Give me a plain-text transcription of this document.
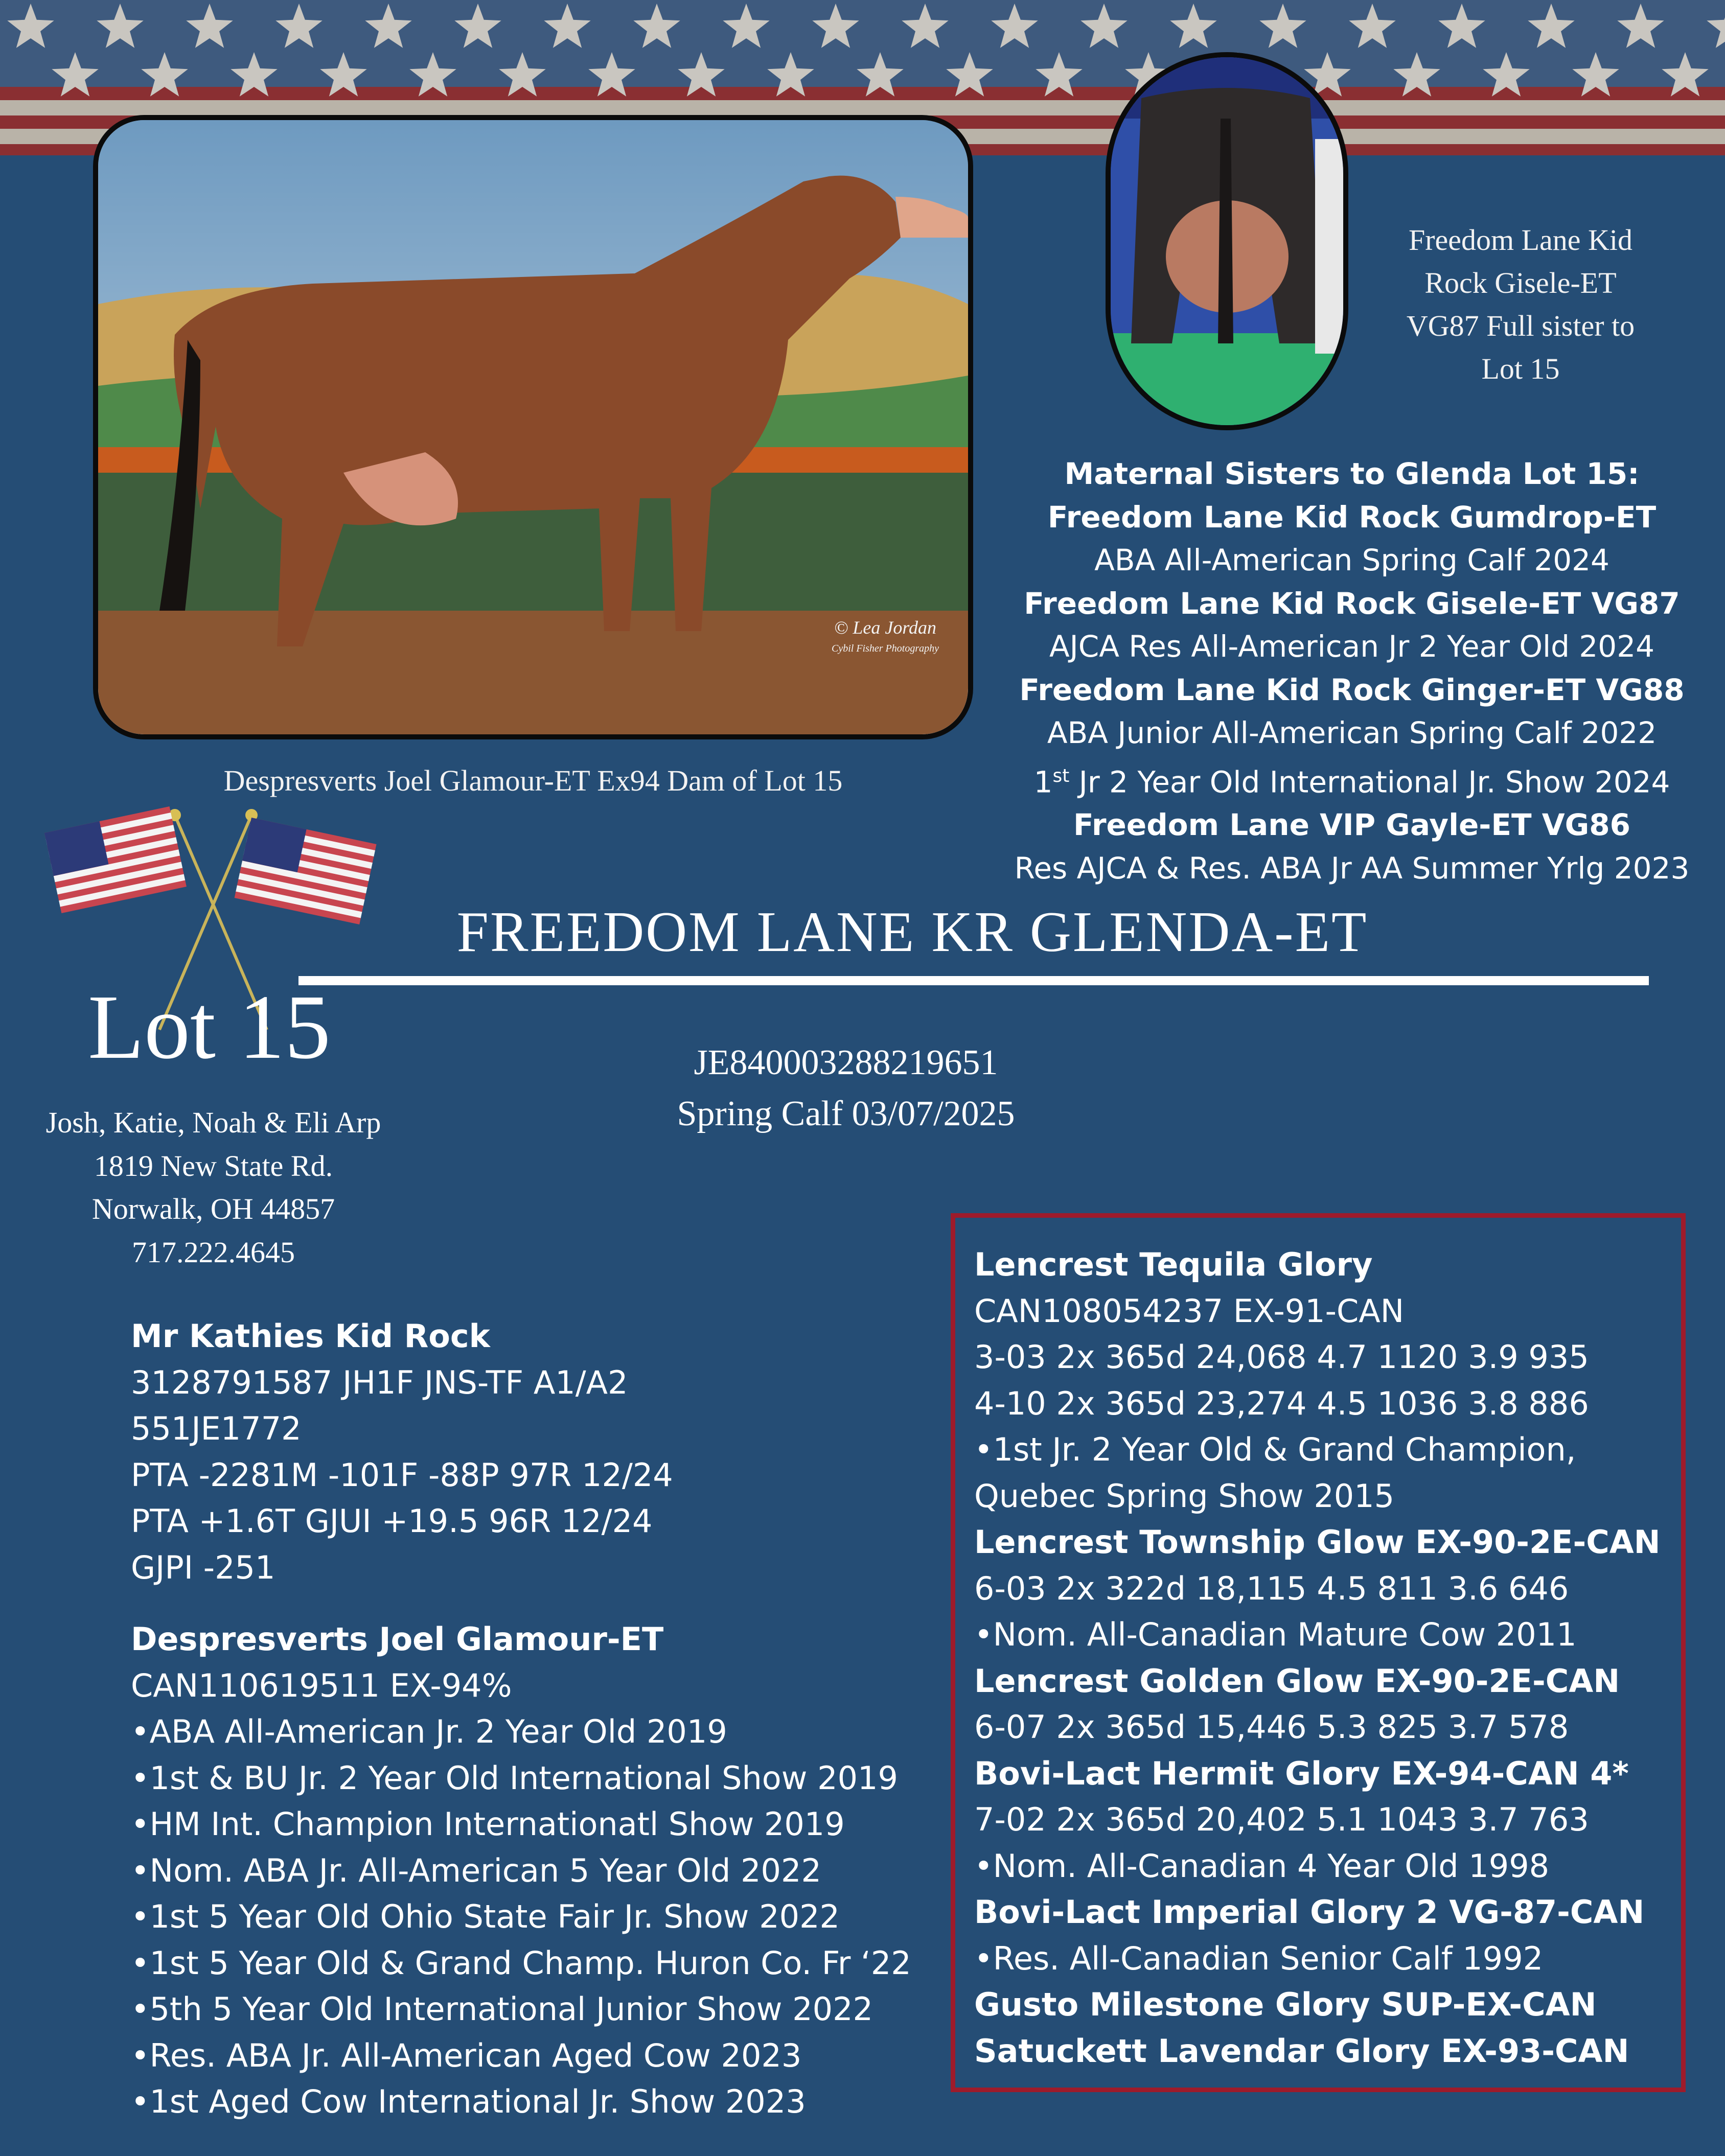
© Lea Jordan
Cybil Fisher Photography
Freedom Lane Kid
Rock Gisele-ET
VG87 Full sister to
Lot 15
Despresverts Joel Glamour-ET Ex94 Dam of Lot 15
Maternal Sisters to Glenda Lot 15:
Freedom Lane Kid Rock Gumdrop-ET
ABA All-American Spring Calf 2024
Freedom Lane Kid Rock Gisele-ET VG87
AJCA Res All-American Jr 2 Year Old 2024
Freedom Lane Kid Rock Ginger-ET VG88
ABA Junior All-American Spring Calf 2022
1st Jr 2 Year Old International Jr. Show 2024
Freedom Lane VIP Gayle-ET VG86
Res AJCA & Res. ABA Jr AA Summer Yrlg 2023
FREEDOM LANE KR GLENDA-ET
Lot 15
Josh, Katie, Noah & Eli Arp
1819 New State Rd.
Norwalk, OH 44857
717.222.4645
JE840003288219651
Spring Calf 03/07/2025
Mr Kathies Kid Rock
3128791587 JH1F JNS-TF A1/A2
551JE1772
PTA -2281M -101F -88P 97R 12/24
PTA +1.6T GJUI +19.5 96R 12/24
GJPI -251
Despresverts Joel Glamour-ET
CAN110619511 EX-94%
•ABA All-American Jr. 2 Year Old 2019
•1st & BU Jr. 2 Year Old International Show 2019
•HM Int. Champion Internationatl Show 2019
•Nom. ABA Jr. All-American 5 Year Old 2022
•1st 5 Year Old Ohio State Fair Jr. Show 2022
•1st 5 Year Old & Grand Champ. Huron Co. Fr ‘22
•5th 5 Year Old International Junior Show 2022
•Res. ABA Jr. All-American Aged Cow 2023
•1st Aged Cow International Jr. Show 2023
Lencrest Tequila Glory
CAN108054237 EX-91-CAN
3-03 2x 365d 24,068 4.7 1120 3.9 935
4-10 2x 365d 23,274 4.5 1036 3.8 886
•1st Jr. 2 Year Old & Grand Champion,
Quebec Spring Show 2015
Lencrest Township Glow EX-90-2E-CAN
6-03 2x 322d 18,115 4.5 811 3.6 646
•Nom. All-Canadian Mature Cow 2011
Lencrest Golden Glow EX-90-2E-CAN
6-07 2x 365d 15,446 5.3 825 3.7 578
Bovi-Lact Hermit Glory EX-94-CAN 4*
7-02 2x 365d 20,402 5.1 1043 3.7 763
•Nom. All-Canadian 4 Year Old 1998
Bovi-Lact Imperial Glory 2 VG-87-CAN
•Res. All-Canadian Senior Calf 1992
Gusto Milestone Glory SUP-EX-CAN
Satuckett Lavendar Glory EX-93-CAN
